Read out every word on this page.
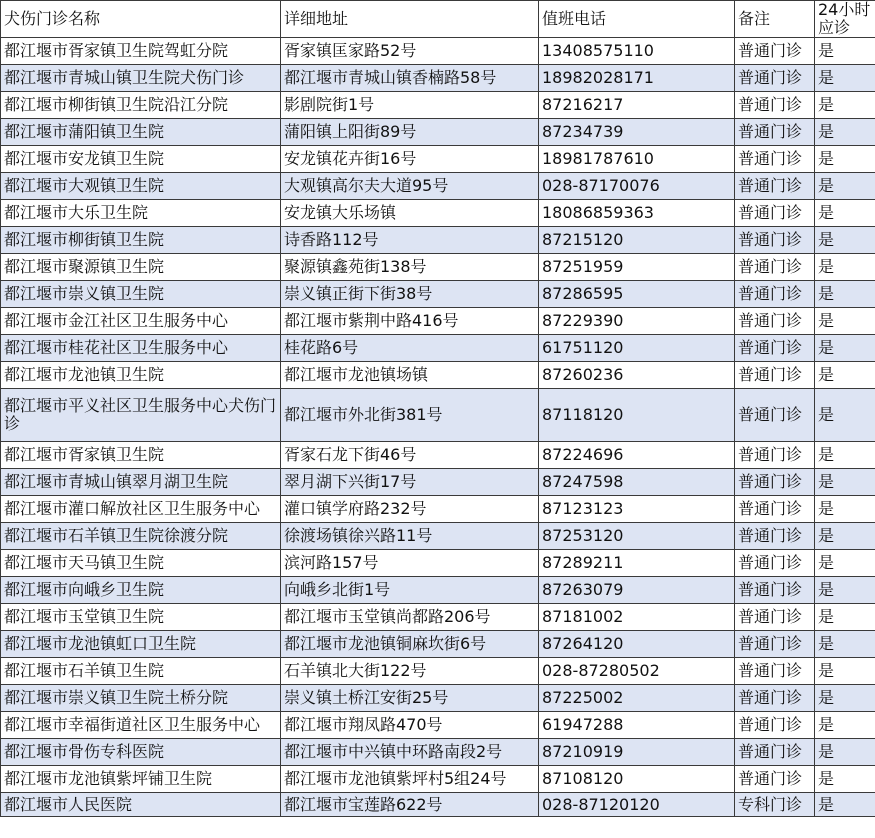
犬伤门诊名称	详细地址	值班电话	备注	24小时应诊
都江堰市胥家镇卫生院驾虹分院	胥家镇匡家路52号	13408575110	普通门诊	是
都江堰市青城山镇卫生院犬伤门诊	都江堰市青城山镇香楠路58号	18982028171	普通门诊	是
都江堰市柳街镇卫生院沿江分院	影剧院街1号	87216217	普通门诊	是
都江堰市蒲阳镇卫生院	蒲阳镇上阳街89号	87234739	普通门诊	是
都江堰市安龙镇卫生院	安龙镇花卉街16号	18981787610	普通门诊	是
都江堰市大观镇卫生院	大观镇高尔夫大道95号	028-87170076	普通门诊	是
都江堰市大乐卫生院	安龙镇大乐场镇	18086859363	普通门诊	是
都江堰市柳街镇卫生院	诗香路112号	87215120	普通门诊	是
都江堰市聚源镇卫生院	聚源镇鑫苑街138号	87251959	普通门诊	是
都江堰市崇义镇卫生院	崇义镇正街下街38号	87286595	普通门诊	是
都江堰市金江社区卫生服务中心	都江堰市紫荆中路416号	87229390	普通门诊	是
都江堰市桂花社区卫生服务中心	桂花路6号	61751120	普通门诊	是
都江堰市龙池镇卫生院	都江堰市龙池镇场镇	87260236	普通门诊	是
都江堰市平义社区卫生服务中心犬伤门诊	都江堰市外北街381号	87118120	普通门诊	是
都江堰市胥家镇卫生院	胥家石龙下街46号	87224696	普通门诊	是
都江堰市青城山镇翠月湖卫生院	翠月湖下兴街17号	87247598	普通门诊	是
都江堰市灌口解放社区卫生服务中心	灌口镇学府路232号	87123123	普通门诊	是
都江堰市石羊镇卫生院徐渡分院	徐渡场镇徐兴路11号	87253120	普通门诊	是
都江堰市天马镇卫生院	滨河路157号	87289211	普通门诊	是
都江堰市向峨乡卫生院	向峨乡北街1号	87263079	普通门诊	是
都江堰市玉堂镇卫生院	都江堰市玉堂镇尚都路206号	87181002	普通门诊	是
都江堰市龙池镇虹口卫生院	都江堰市龙池镇铜麻坎街6号	87264120	普通门诊	是
都江堰市石羊镇卫生院	石羊镇北大街122号	028-87280502	普通门诊	是
都江堰市崇义镇卫生院土桥分院	崇义镇土桥江安街25号	87225002	普通门诊	是
都江堰市幸福街道社区卫生服务中心	都江堰市翔凤路470号	61947288	普通门诊	是
都江堰市骨伤专科医院	都江堰市中兴镇中环路南段2号	87210919	普通门诊	是
都江堰市龙池镇紫坪铺卫生院	都江堰市龙池镇紫坪村5组24号	87108120	普通门诊	是
都江堰市人民医院	都江堰市宝莲路622号	028-87120120	专科门诊	是
